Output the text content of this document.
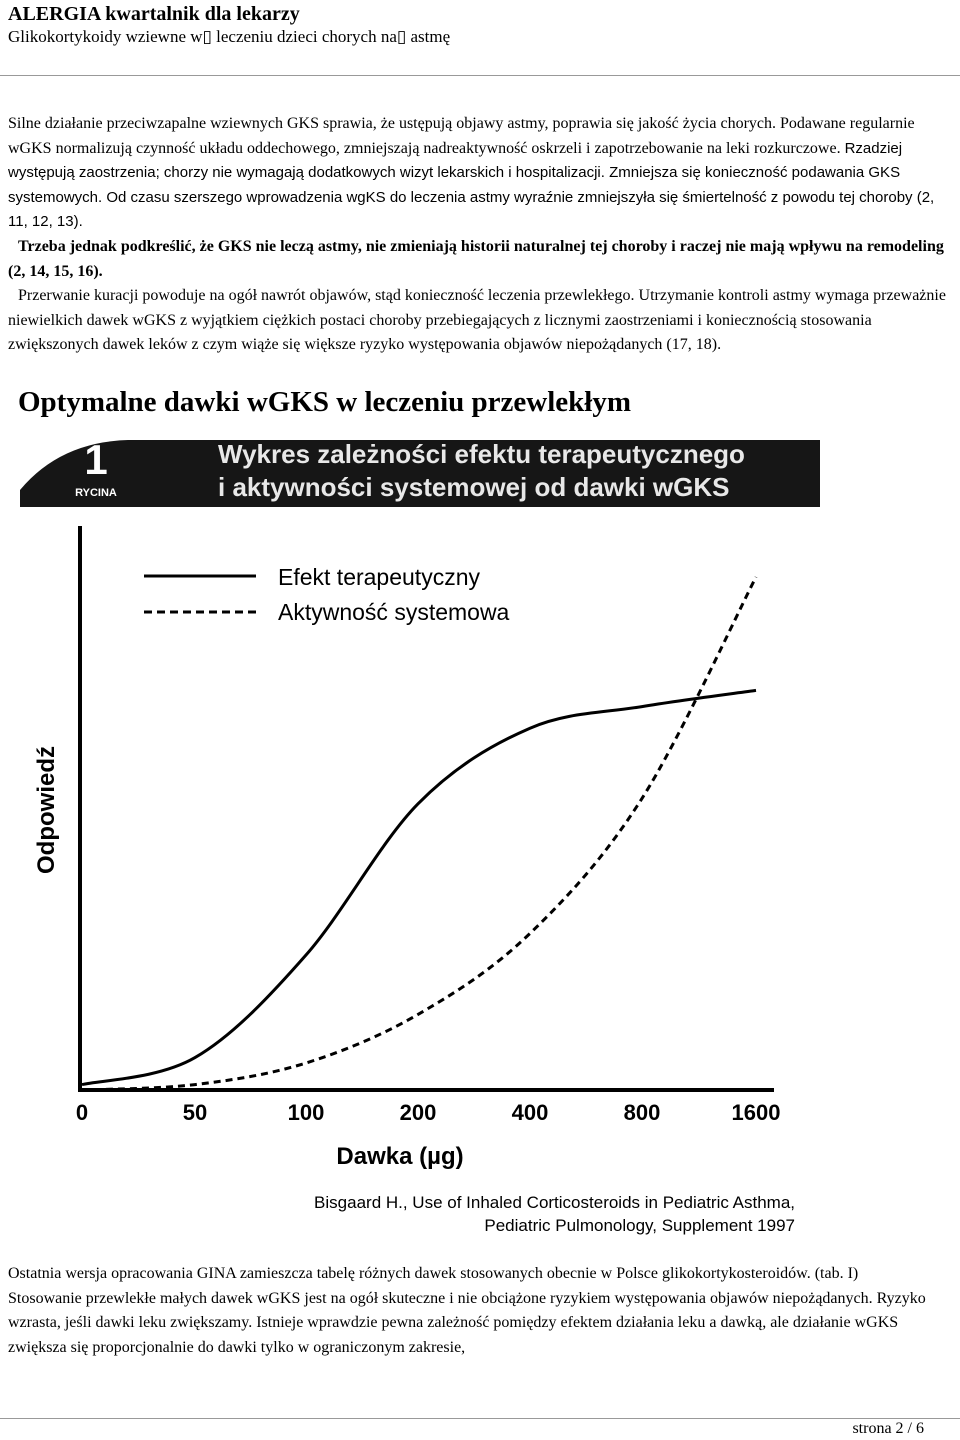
ALERGIA kwartalnik dla lekarzy
Glikokortykoidy wziewne w▯ leczeniu dzieci chorych na▯ astmę

Silne działanie przeciwzapalne wziewnych GKS sprawia, że ustępują objawy astmy, poprawia się jakość życia chorych. Podawane regularnie wGKS normalizują czynność układu oddechowego, zmniejszają nadreaktywność oskrzeli i zapotrzebowanie na leki rozkurczowe. Rzadziej występują zaostrzenia; chorzy nie wymagają dodatkowych wizyt lekarskich i hospitalizacji. Zmniejsza się konieczność podawania GKS systemowych. Od czasu szerszego wprowadzenia wgKS do leczenia astmy wyraźnie zmniejszyła się śmiertelność z powodu tej choroby (2, 11, 12, 13).

Trzeba jednak podkreślić, że GKS nie leczą astmy, nie zmieniają historii naturalnej tej choroby i raczej nie mają wpływu na remodeling (2, 14, 15, 16).

Przerwanie kuracji powoduje na ogół nawrót objawów, stąd konieczność leczenia przewlekłego. Utrzymanie kontroli astmy wymaga przeważnie niewielkich dawek wGKS z wyjątkiem ciężkich postaci choroby przebiegających z licznymi zaostrzeniami i koniecznością stosowania zwiększonych dawek leków z czym wiąże się większe ryzyko występowania objawów niepożądanych (17, 18).

Optymalne dawki wGKS w leczeniu przewlekłym
1
RYCINA
Wykres zależności efektu terapeutycznego
i aktywności systemowej od dawki wGKS
Odpowiedź
Dawka (µg)
Bisgaard H., Use of Inhaled Corticosteroids in Pediatric Asthma,
Pediatric Pulmonology, Supplement 1997
Efekt terapeutyczny
Aktywność systemowa
0	50	100	200	400	800	1600

Ostatnia wersja opracowania GINA zamieszcza tabelę różnych dawek stosowanych obecnie w Polsce glikokortykosteroidów. (tab. I)

Stosowanie przewlekłe małych dawek wGKS jest na ogół skuteczne i nie obciążone ryzykiem występowania objawów niepożądanych. Ryzyko wzrasta, jeśli dawki leku zwiększamy. Istnieje wprawdzie pewna zależność pomiędzy efektem działania leku a dawką, ale działanie wGKS zwiększa się proporcjonalnie do dawki tylko w ograniczonym zakresie,

strona 2 / 6
